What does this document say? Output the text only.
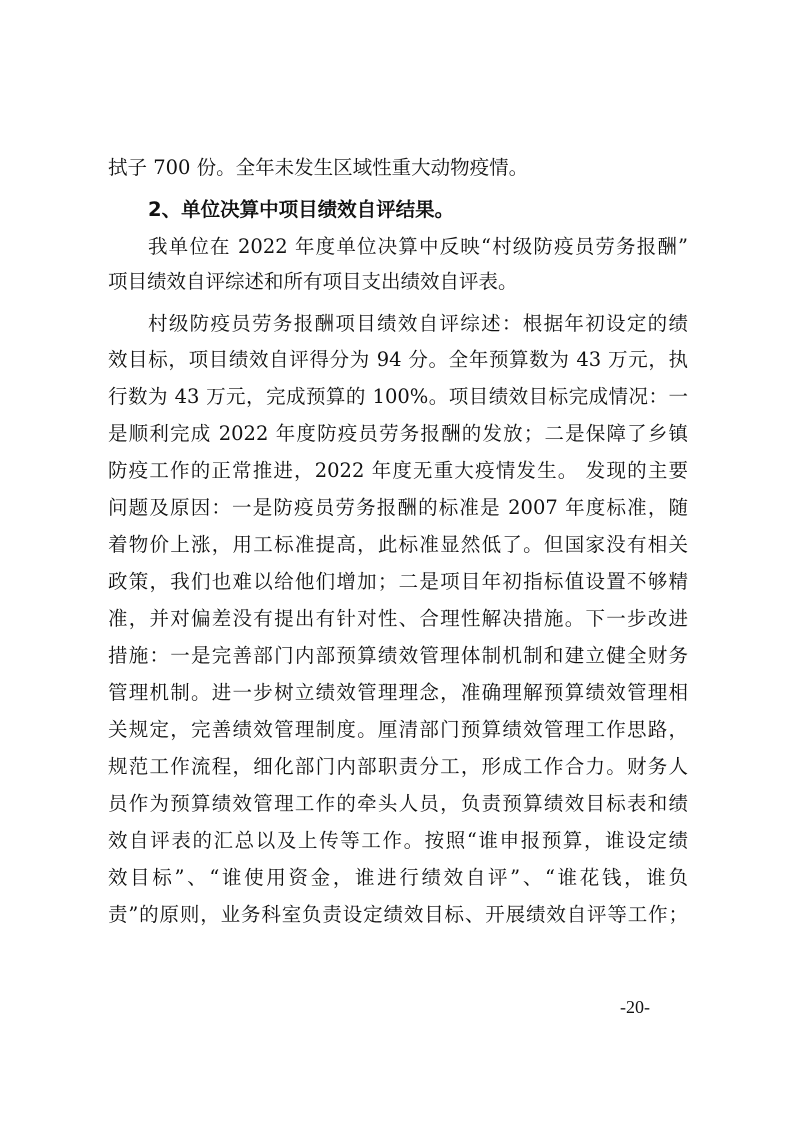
拭子 700 份。全年未发生区域性重大动物疫情。
2、单位决算中项目绩效自评结果。
我单位在 2022 年度单位决算中反映“村级防疫员劳务报酬”
项目绩效自评综述和所有项目支出绩效自评表。
村级防疫员劳务报酬项目绩效自评综述：根据年初设定的绩
效目标，项目绩效自评得分为 94 分。全年预算数为 43 万元，执
行数为 43 万元，完成预算的 100%。项目绩效目标完成情况：一
是顺利完成 2022 年度防疫员劳务报酬的发放；二是保障了乡镇
防疫工作的正常推进，2022 年度无重大疫情发生。 发现的主要
问题及原因：一是防疫员劳务报酬的标准是 2007 年度标准，随
着物价上涨，用工标准提高，此标准显然低了。但国家没有相关
政策，我们也难以给他们增加；二是项目年初指标值设置不够精
准，并对偏差没有提出有针对性、合理性解决措施。下一步改进
措施：一是完善部门内部预算绩效管理体制机制和建立健全财务
管理机制。进一步树立绩效管理理念，准确理解预算绩效管理相
关规定，完善绩效管理制度。厘清部门预算绩效管理工作思路，
规范工作流程，细化部门内部职责分工，形成工作合力。财务人
员作为预算绩效管理工作的牵头人员，负责预算绩效目标表和绩
效自评表的汇总以及上传等工作。按照“谁申报预算，谁设定绩
效目标”、“谁使用资金，谁进行绩效自评”、“谁花钱，谁负
责”的原则，业务科室负责设定绩效目标、开展绩效自评等工作；
-20-
